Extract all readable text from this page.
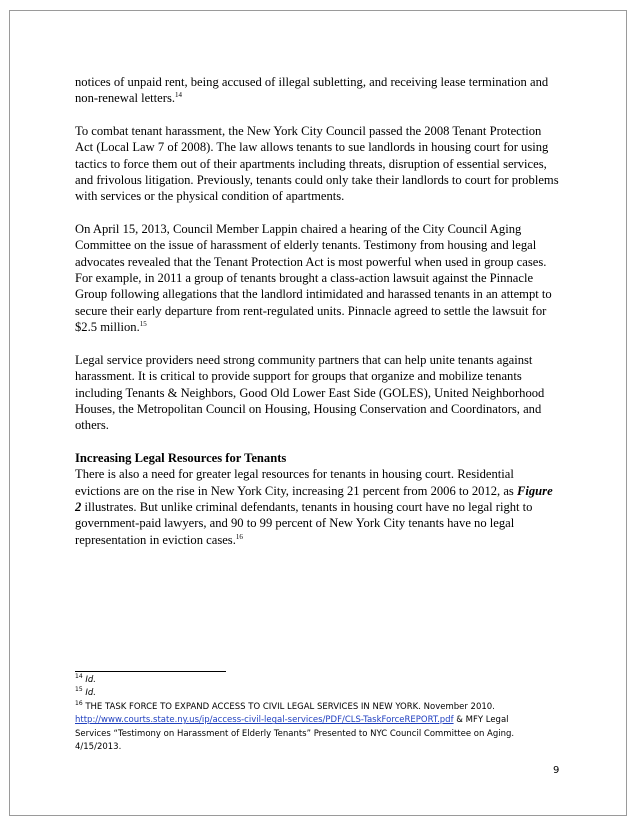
notices of unpaid rent, being accused of illegal subletting, and receiving lease termination and non-renewal letters.$^{14}$

To combat tenant harassment, the New York City Council passed the 2008 Tenant Protection Act (Local Law 7 of 2008). The law allows tenants to sue landlords in housing court for using tactics to force them out of their apartments including threats, disruption of essential services, and frivolous litigation. Previously, tenants could only take their landlords to court for problems with services or the physical condition of apartments.

On April 15, 2013, Council Member Lappin chaired a hearing of the City Council Aging Committee on the issue of harassment of elderly tenants. Testimony from housing and legal advocates revealed that the Tenant Protection Act is most powerful when used in group cases. For example, in 2011 a group of tenants brought a class-action lawsuit against the Pinnacle Group following allegations that the landlord intimidated and harassed tenants in an attempt to secure their early departure from rent-regulated units. Pinnacle agreed to settle the lawsuit for $2.5 million.$^{15}$

Legal service providers need strong community partners that can help unite tenants against harassment. It is critical to provide support for groups that organize and mobilize tenants including Tenants & Neighbors, Good Old Lower East Side (GOLES), United Neighborhood Houses, the Metropolitan Council on Housing, Housing Conservation and Coordinators, and others.

Increasing Legal Resources for Tenants

There is also a need for greater legal resources for tenants in housing court. Residential evictions are on the rise in New York City, increasing 21 percent from 2006 to 2012, as Figure 2 illustrates. But unlike criminal defendants, tenants in housing court have no legal right to government-paid lawyers, and 90 to 99 percent of New York City tenants have no legal representation in eviction cases.$^{16}$

$^{14}$ Id.
$^{15}$ Id.
$^{16}$ THE TASK FORCE TO EXPAND ACCESS TO CIVIL LEGAL SERVICES IN NEW YORK. November 2010.
http://www.courts.state.ny.us/ip/access-civil-legal-services/PDF/CLS-TaskForceREPORT.pdf & MFY Legal
Services “Testimony on Harassment of Elderly Tenants” Presented to NYC Council Committee on Aging.
4/15/2013.
9
